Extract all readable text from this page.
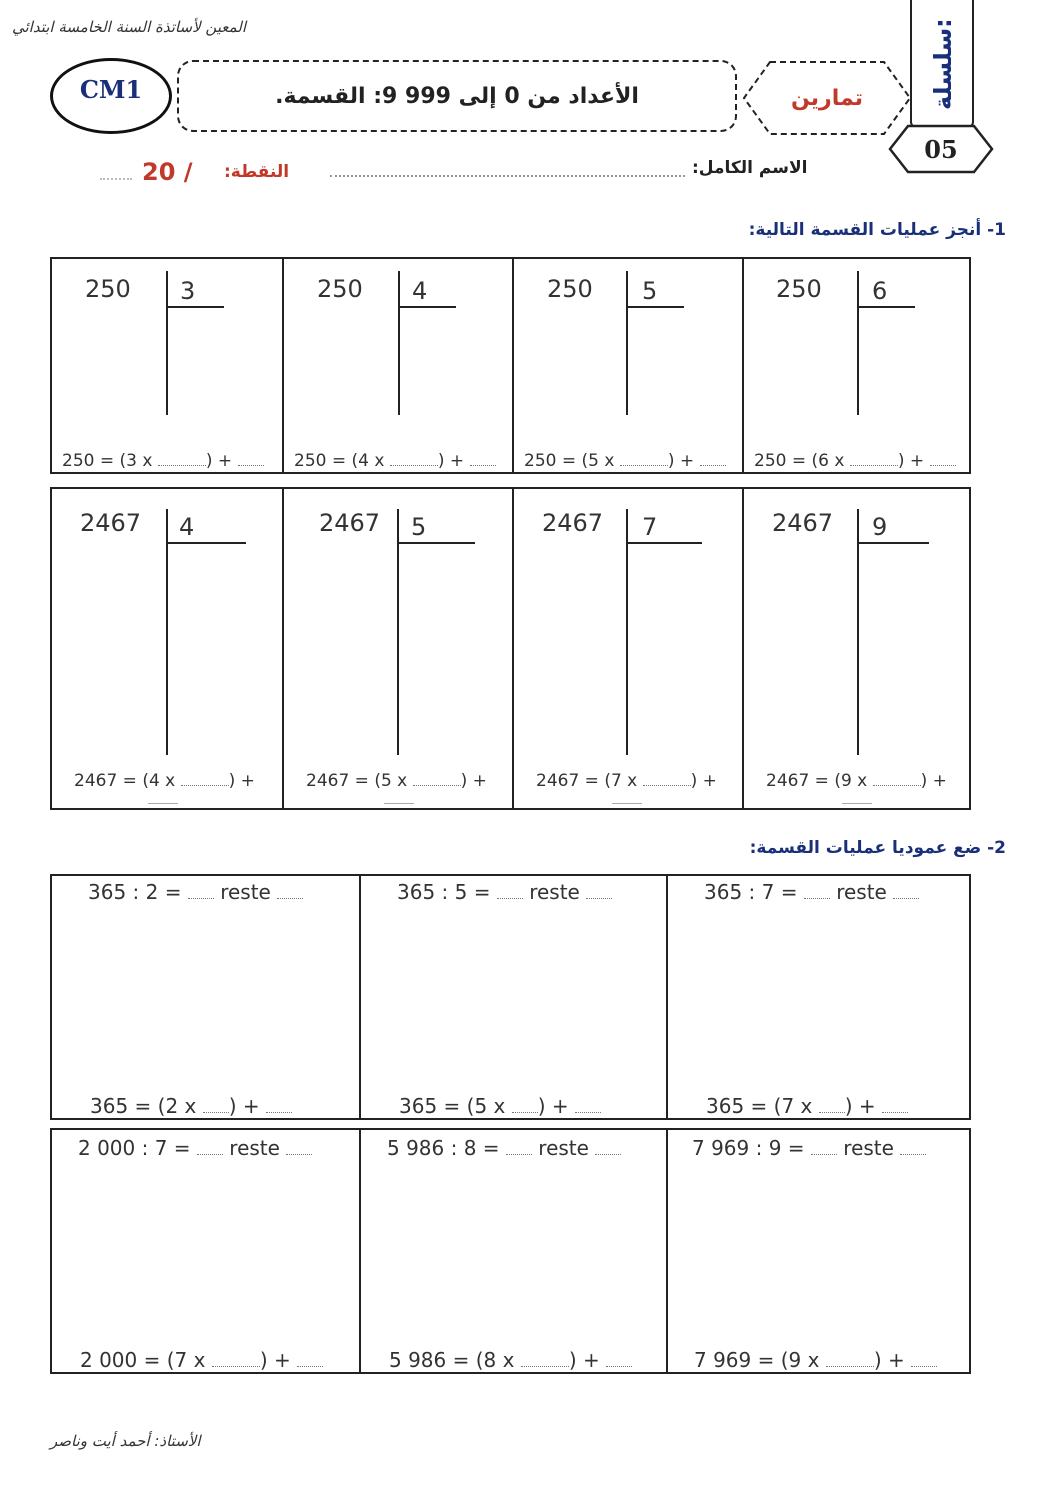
المعين لأساتذة السنة الخامسة ابتدائي
CM1	الأعداد من 0 إلى 999 9: القسمة.	تمارين	سلسلة:
05
الاسم الكامل:
النقطة:
20 /
1- أنجز عمليات القسمة التالية:
250 3
250 = (3 x	) +
250 4
250 = (4 x	) +
250 5
250 = (5 x	) +
250 6
250 = (6 x	) +
2467 4
2467 = (4 x	) +
2467 5
2467 = (5 x	) +
2467 7
2467 = (7 x	) +
2467 9
2467 = (9 x	) +
2- ضع عموديا عمليات القسمة:
365 : 2 = reste
365 = (2 x ) +
365 : 5 = reste
365 = (5 x ) +
365 : 7 = reste
365 = (7 x ) +
2 000 : 7 = reste
2 000 = (7 x	) +
5 986 : 8 = reste
5 986 = (8 x	) +
7 969 : 9 = reste
7 969 = (9 x	) +
الأستاذ: أحمد أيت وناصر
